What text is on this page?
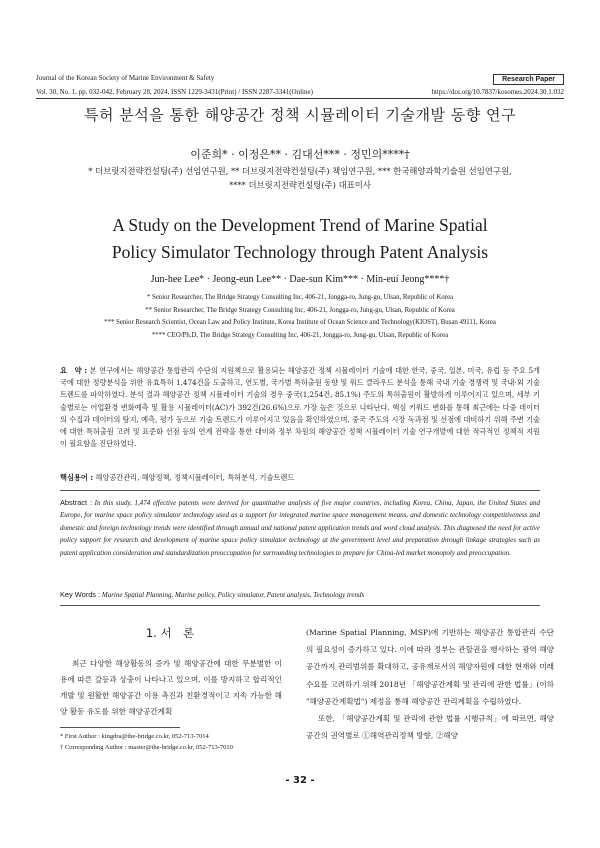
Journal of the Korean Society of Marine Environment & Safety	Research Paper
Vol. 30, No. 1, pp. 032-042, February 28, 2024, ISSN 1229-3431(Print) / ISSN 2287-3341(Online)	https://doi.org/10.7837/kosomes.2024.30.1.032
특허 분석을 통한 해양공간 정책 시뮬레이터 기술개발 동향 연구
이준희* · 이정은** · 김대선*** · 정민의****†
* 더브릿지전략컨설팅(주) 선임연구원, ** 더브릿지전략컨설팅(주) 책임연구원, *** 한국해양과학기술원 선임연구원,
**** 더브릿지전략컨설팅(주) 대표이사
A Study on the Development Trend of Marine Spatial
Policy Simulator Technology through Patent Analysis
Jun-hee Lee* · Jeong-eun Lee** · Dae-sun Kim*** · Min-euí Jeong****†
* Senior Researcher, The Bridge Strategy Consulting Inc, 406-21, Jongga-ro, Jung-gu, Ulsan, Republic of Korea
** Senior Researcher, The Bridge Strategy Consulting Inc, 406-21, Jongga-ro, Jung-gu, Ulsan, Republic of Korea
*** Senior Research Scientist, Ocean Law and Policy Institute, Korea Institute of Ocean Science and Technology(KIOST), Busan 49111, Korea
**** CEO/Ph.D, The Bridge Strategy Consulting Inc, 406-21, Jongga-ro, Jung-gu, Ulsan, Republic of Korea
요　약 : 본 연구에서는 해양공간 통합관리 수단의 지원책으로 활용되는 해양공간 정책 시뮬레이터 기술에 대한 한국, 중국, 일본, 미국, 유럽 등 주요 5개국에 대한 정량분석을 위한 유효특허 1,474건을 도출하고, 연도별, 국가별 특허출원 동향 및 워드 클라우드 분석을 통해 국내 기술 경쟁력 및 국내·외 기술 트렌드를 파악하였다. 분석 결과 해양공간 정책 시뮬레이터 기술의 경우 중국(1,254건, 85.1%) 주도의 특허출원이 활발하게 이루어지고 있으며, 세부 기술별로는 어업환경 변화예측 및 활용 시뮬레이터(AC)가 392건(26.6%)으로 가장 높은 것으로 나타난다. 핵심 키워드 변화를 통해 최근에는 다중 데이터의 수집과 데이터의 탐지, 예측, 평가 등으로 기술 트렌드가 이루어지고 있음을 확인하였으며, 중국 주도의 시장 독과점 및 선점에 대비하기 위해 주변 기술에 대한 특허출원 고려 및 표준화 선점 등의 연계 전략을 통한 대비와 정부 차원의 해양공간 정책 시뮬레이터 기술 연구개발에 대한 적극적인 정책적 지원이 필요함을 진단하였다.
핵심용어 : 해양공간관리, 해양정책, 정책시뮬레이터, 특허분석, 기술트렌드
Abstract : In this study, 1,474 effective patents were derived for quantitative analysis of five major countries, including Korea, China, Japan, the United States and Europe, for marine space policy simulator technology used as a support for integrated marine space management means, and domestic technology competitiveness and domestic and foreign technology trends were identified through annual and national patent application trends and word cloud analysis. This diagnosed the need for active policy support for research and development of marine space policy simulator technology at the government level and preparation through linkage strategies such as patent application consideration and standardization preoccupation for surrounding technologies to prepare for China-led market monopoly and preoccupation.
Key Words : Marine Spatial Planning, Marine policy, Policy simulator, Patent analysis, Technology trends
1. 서　론
최근 다양한 해상활동의 증가 및 해양공간에 대한 무분별한 이용에 따른 갈등과 상충이 나타나고 있으며, 이를 방지하고 합리적인 개발 및 원활한 해양공간 이용 촉진과 친환경적이고 지속 가능한 해양 활동 유도를 위한 해양공간계획

(Marine Spatial Planning, MSP)에 기반하는 해양공간 통합관리 수단의 필요성이 증가하고 있다. 이에 따라 정부는 관할권을 행사하는 광역 해양공간까지 관리범위를 확대하고, 공유재로서의 해양자원에 대한 현재와 미래 수요를 고려하기 위해 2018년 「해양공간계획 및 관리에 관한 법률」(이하 "해양공간계획법") 제정을 통해 해양공간 관리계획을 수립하였다.

또한, 「해양공간계획 및 관리에 관한 법률 시행규칙」에 따르면, 해양공간의 권역별로 ①해역관리정책 방향, ②해양

* First Author : kingdra@the-bridge.co.kr, 052-713-7014
† Corresponding Author : master@the-bridge.co.kr, 052-713-7010
- 32 -
